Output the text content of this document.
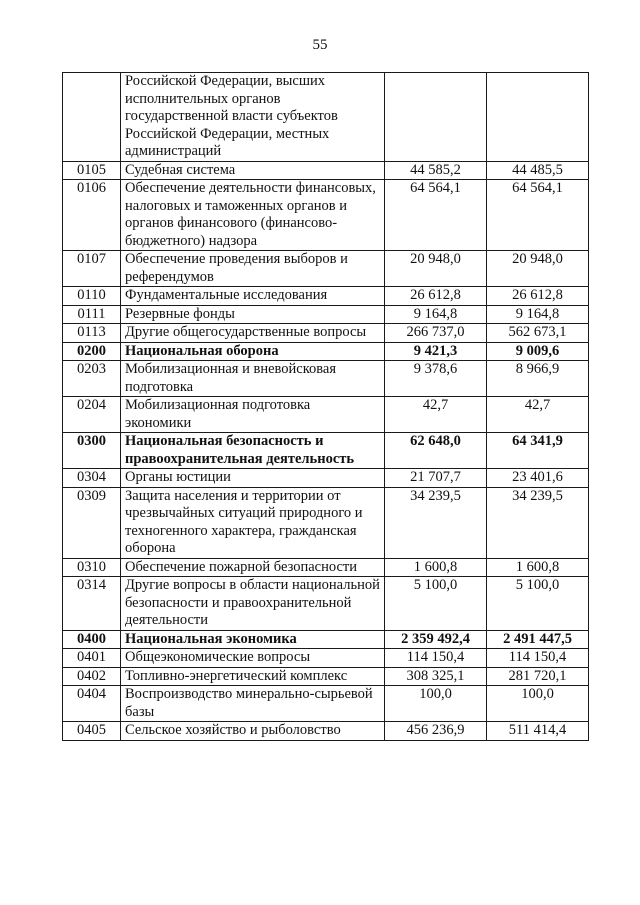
55
	Российской Федерации, высших исполнительных органов государственной власти субъектов Российской Федерации, местных администраций		
0105	Судебная система	44 585,2	44 485,5
0106	Обеспечение деятельности финансовых, налоговых и таможенных органов и органов финансового (финансово-бюджетного) надзора	64 564,1	64 564,1
0107	Обеспечение проведения выборов и референдумов	20 948,0	20 948,0
0110	Фундаментальные исследования	26 612,8	26 612,8
0111	Резервные фонды	9 164,8	9 164,8
0113	Другие общегосударственные вопросы	266 737,0	562 673,1
0200	Национальная оборона	9 421,3	9 009,6
0203	Мобилизационная и вневойсковая подготовка	9 378,6	8 966,9
0204	Мобилизационная подготовка экономики	42,7	42,7
0300	Национальная безопасность и правоохранительная деятельность	62 648,0	64 341,9
0304	Органы юстиции	21 707,7	23 401,6
0309	Защита населения и территории от чрезвычайных ситуаций природного и техногенного характера, гражданская оборона	34 239,5	34 239,5
0310	Обеспечение пожарной безопасности	1 600,8	1 600,8
0314	Другие вопросы в области национальной безопасности и правоохранительной деятельности	5 100,0	5 100,0
0400	Национальная экономика	2 359 492,4	2 491 447,5
0401	Общеэкономические вопросы	114 150,4	114 150,4
0402	Топливно-энергетический комплекс	308 325,1	281 720,1
0404	Воспроизводство минерально-сырьевой базы	100,0	100,0
0405	Сельское хозяйство и рыболовство	456 236,9	511 414,4
